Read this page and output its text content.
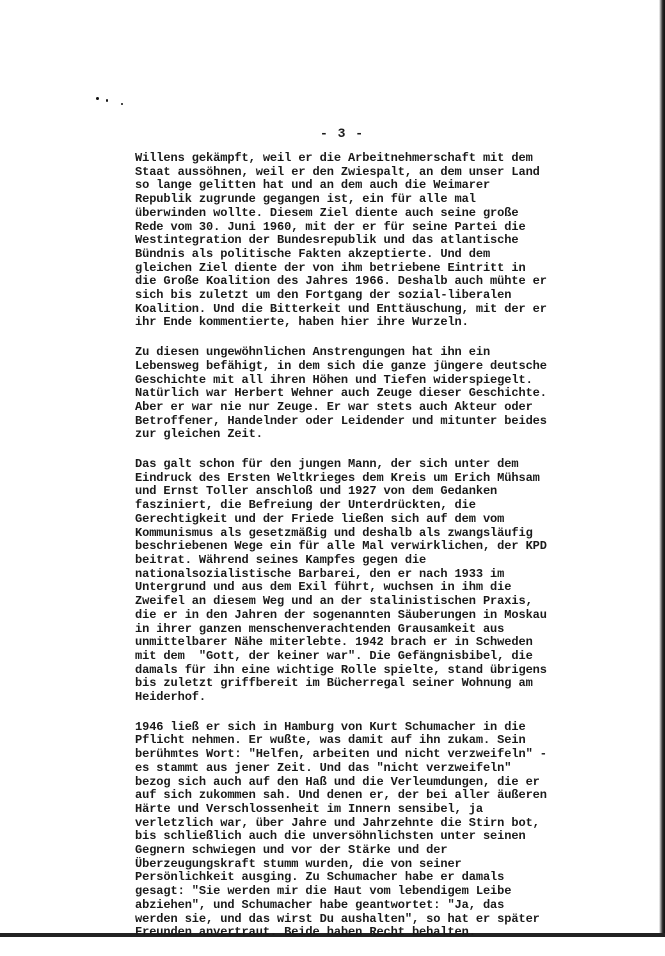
- 3 -

Willens gekämpft, weil er die Arbeitnehmerschaft mit dem
Staat aussöhnen, weil er den Zwiespalt, an dem unser Land
so lange gelitten hat und an dem auch die Weimarer
Republik zugrunde gegangen ist, ein für alle mal
überwinden wollte. Diesem Ziel diente auch seine große
Rede vom 30. Juni 1960, mit der er für seine Partei die
Westintegration der Bundesrepublik und das atlantische
Bündnis als politische Fakten akzeptierte. Und dem
gleichen Ziel diente der von ihm betriebene Eintritt in
die Große Koalition des Jahres 1966. Deshalb auch mühte er
sich bis zuletzt um den Fortgang der sozial-liberalen
Koalition. Und die Bitterkeit und Enttäuschung, mit der er
ihr Ende kommentierte, haben hier ihre Wurzeln.

Zu diesen ungewöhnlichen Anstrengungen hat ihn ein
Lebensweg befähigt, in dem sich die ganze jüngere deutsche
Geschichte mit all ihren Höhen und Tiefen widerspiegelt.
Natürlich war Herbert Wehner auch Zeuge dieser Geschichte.
Aber er war nie nur Zeuge. Er war stets auch Akteur oder
Betroffener, Handelnder oder Leidender und mitunter beides
zur gleichen Zeit.

Das galt schon für den jungen Mann, der sich unter dem
Eindruck des Ersten Weltkrieges dem Kreis um Erich Mühsam
und Ernst Toller anschloß und 1927 von dem Gedanken
fasziniert, die Befreiung der Unterdrückten, die
Gerechtigkeit und der Friede ließen sich auf dem vom
Kommunismus als gesetzmäßig und deshalb als zwangsläufig
beschriebenen Wege ein für alle Mal verwirklichen, der KPD
beitrat. Während seines Kampfes gegen die
nationalsozialistische Barbarei, den er nach 1933 im
Untergrund und aus dem Exil führt, wuchsen in ihm die
Zweifel an diesem Weg und an der stalinistischen Praxis,
die er in den Jahren der sogenannten Säuberungen in Moskau
in ihrer ganzen menschenverachtenden Grausamkeit aus
unmittelbarer Nähe miterlebte. 1942 brach er in Schweden
mit dem  "Gott, der keiner war". Die Gefängnisbibel, die
damals für ihn eine wichtige Rolle spielte, stand übrigens
bis zuletzt griffbereit im Bücherregal seiner Wohnung am
Heiderhof.

1946 ließ er sich in Hamburg von Kurt Schumacher in die
Pflicht nehmen. Er wußte, was damit auf ihn zukam. Sein
berühmtes Wort: "Helfen, arbeiten und nicht verzweifeln" -
es stammt aus jener Zeit. Und das "nicht verzweifeln"
bezog sich auch auf den Haß und die Verleumdungen, die er
auf sich zukommen sah. Und denen er, der bei aller äußeren
Härte und Verschlossenheit im Innern sensibel, ja
verletzlich war, über Jahre und Jahrzehnte die Stirn bot,
bis schließlich auch die unversöhnlichsten unter seinen
Gegnern schwiegen und vor der Stärke und der
Überzeugungskraft stumm wurden, die von seiner
Persönlichkeit ausging. Zu Schumacher habe er damals
gesagt: "Sie werden mir die Haut vom lebendigem Leibe
abziehen", und Schumacher habe geantwortet: "Ja, das
werden sie, und das wirst Du aushalten", so hat er später
Freunden anvertraut. Beide haben Recht behalten.
